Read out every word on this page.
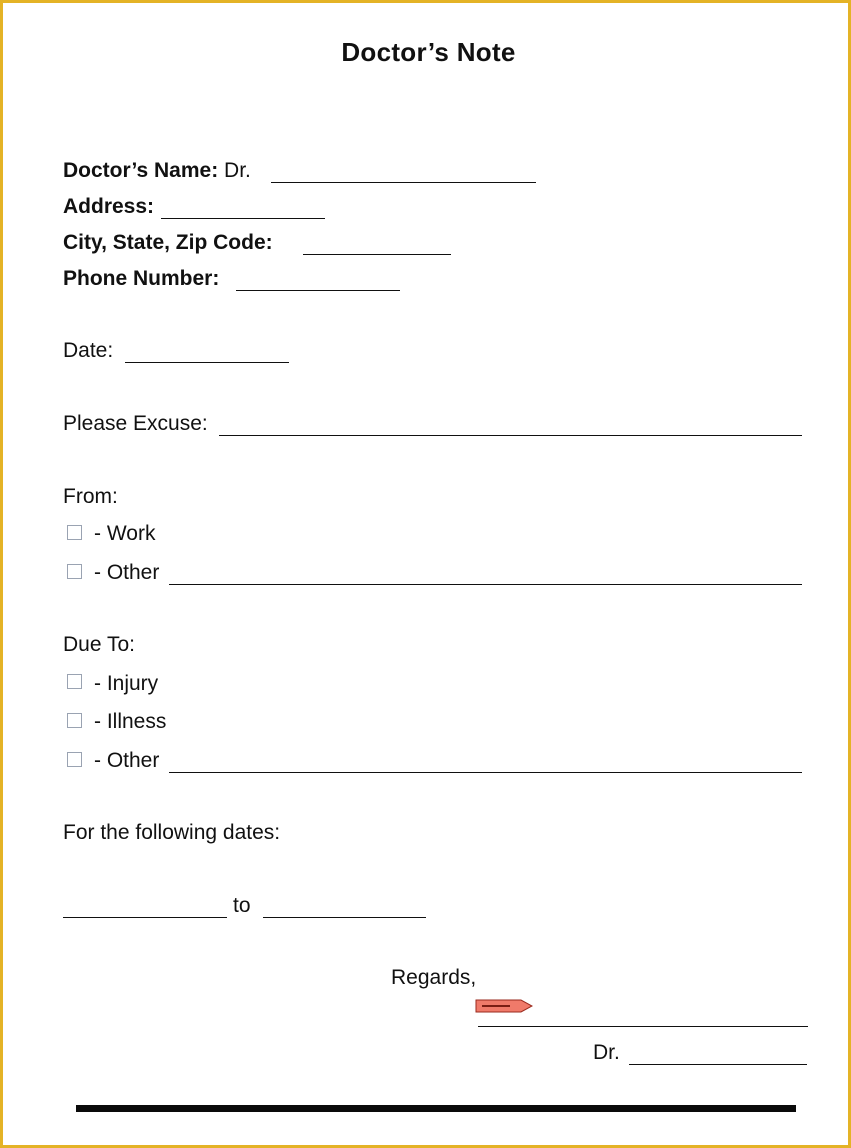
Doctor’s Note
Doctor’s Name: Dr.
Address:
City, State, Zip Code:
Phone Number:
Date:
Please Excuse:
From:
- Work
- Other
Due To:
- Injury
- Illness
- Other
For the following dates:
to
Regards,
Dr.
